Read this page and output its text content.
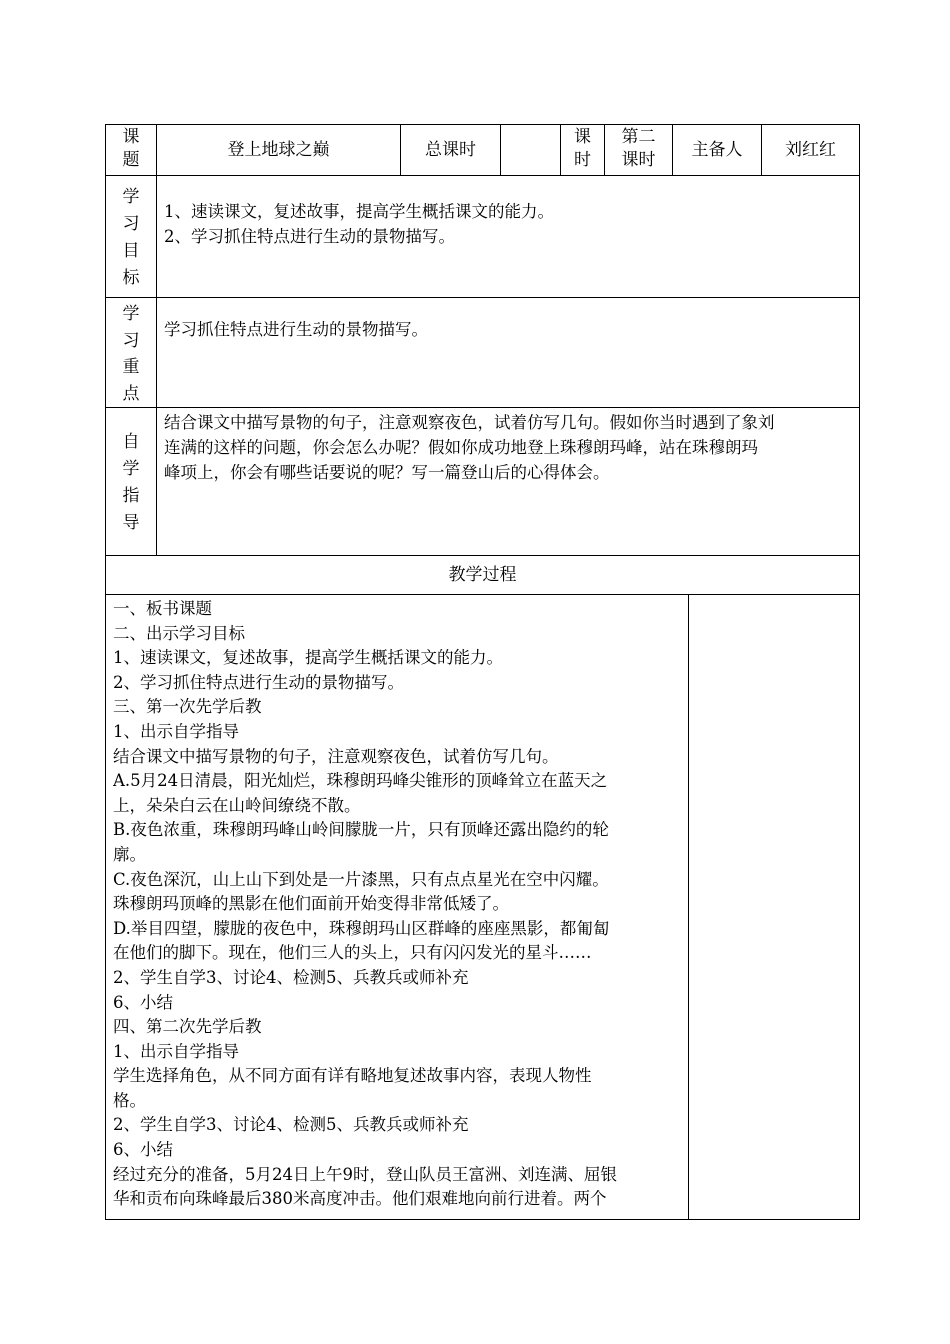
课
题
登上地球之巅	总课时
课
时
第二
课时
主备人	刘红红
学
习
目
标
1、速读课文，复述故事，提高学生概括课文的能力。
2、学习抓住特点进行生动的景物描写。
学
习
重
点
学习抓住特点进行生动的景物描写。
自
学
指
导
结合课文中描写景物的句子，注意观察夜色，试着仿写几句。假如你当时遇到了象刘
连满的这样的问题，你会怎么办呢？假如你成功地登上珠穆朗玛峰，站在珠穆朗玛
峰项上，你会有哪些话要说的呢？写一篇登山后的心得体会。
教学过程
一、板书课题
二、出示学习目标
1、速读课文，复述故事，提高学生概括课文的能力。
2、学习抓住特点进行生动的景物描写。
三、第一次先学后教
1、出示自学指导
结合课文中描写景物的句子，注意观察夜色，试着仿写几句。
A.5月24日清晨，阳光灿烂，珠穆朗玛峰尖锥形的顶峰耸立在蓝天之
上，朵朵白云在山岭间缭绕不散。
B.夜色浓重，珠穆朗玛峰山岭间朦胧一片，只有顶峰还露出隐约的轮
廓。
C.夜色深沉，山上山下到处是一片漆黑，只有点点星光在空中闪耀。
珠穆朗玛顶峰的黑影在他们面前开始变得非常低矮了。
D.举目四望，朦胧的夜色中，珠穆朗玛山区群峰的座座黑影，都匍匐
在他们的脚下。现在，他们三人的头上，只有闪闪发光的星斗……
2、学生自学3、讨论4、检测5、兵教兵或师补充
6、小结
四、第二次先学后教
1、出示自学指导
学生选择角色，从不同方面有详有略地复述故事内容，表现人物性
格。
2、学生自学3、讨论4、检测5、兵教兵或师补充
6、小结
经过充分的准备，5月24日上午9时，登山队员王富洲、刘连满、屈银
华和贡布向珠峰最后380米高度冲击。他们艰难地向前行进着。两个
